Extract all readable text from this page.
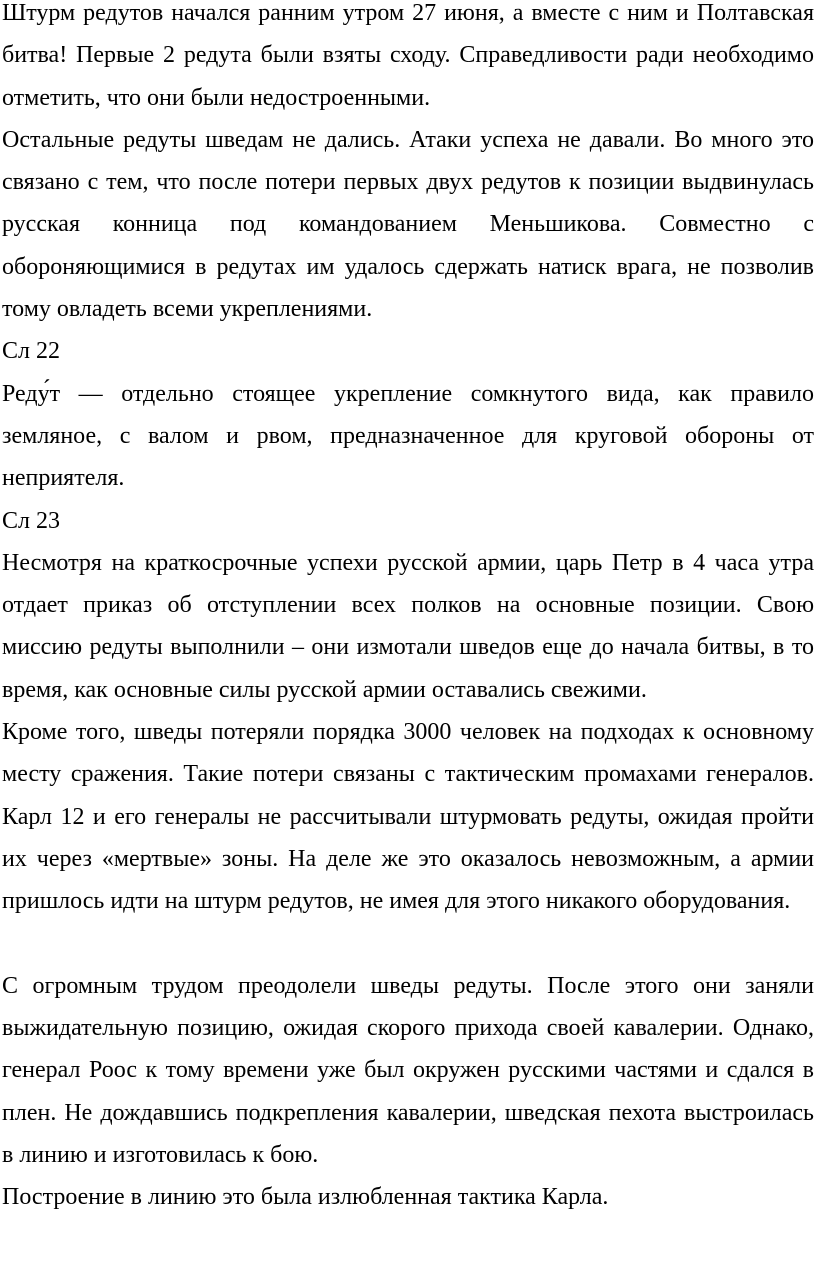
Штурм редутов начался ранним утром 27 июня, а вместе с ним и Полтавская битва! Первые 2 редута были взяты сходу. Справедливости ради необходимо отметить, что они были недостроенными.

Остальные редуты шведам не дались. Атаки успеха не давали. Во много это связано с тем, что после потери первых двух редутов к позиции выдвинулась русская конница под командованием Меньшикова. Совместно с обороняющимися в редутах им удалось сдержать натиск врага, не позволив тому овладеть всеми укреплениями.

Сл 22

Реду́т — отдельно стоящее укрепление сомкнутого вида, как правило земляное, с валом и рвом, предназначенное для круговой обороны от неприятеля.

Сл 23

Несмотря на краткосрочные успехи русской армии, царь Петр в 4 часа утра отдает приказ об отступлении всех полков на основные позиции. Свою миссию редуты выполнили – они измотали шведов еще до начала битвы, в то время, как основные силы русской армии оставались свежими.

Кроме того, шведы потеряли порядка 3000 человек на подходах к основному месту сражения. Такие потери связаны с тактическим промахами генералов. Карл 12 и его генералы не рассчитывали штурмовать редуты, ожидая пройти их через «мертвые» зоны. На деле же это оказалось невозможным, а армии пришлось идти на штурм редутов, не имея для этого никакого оборудования.

С огромным трудом преодолели шведы редуты. После этого они заняли выжидательную позицию, ожидая скорого прихода своей кавалерии. Однако, генерал Роос к тому времени уже был окружен русскими частями и сдался в плен. Не дождавшись подкрепления кавалерии, шведская пехота выстроилась в линию и изготовилась к бою.

Построение в линию это была излюбленная тактика Карла.
